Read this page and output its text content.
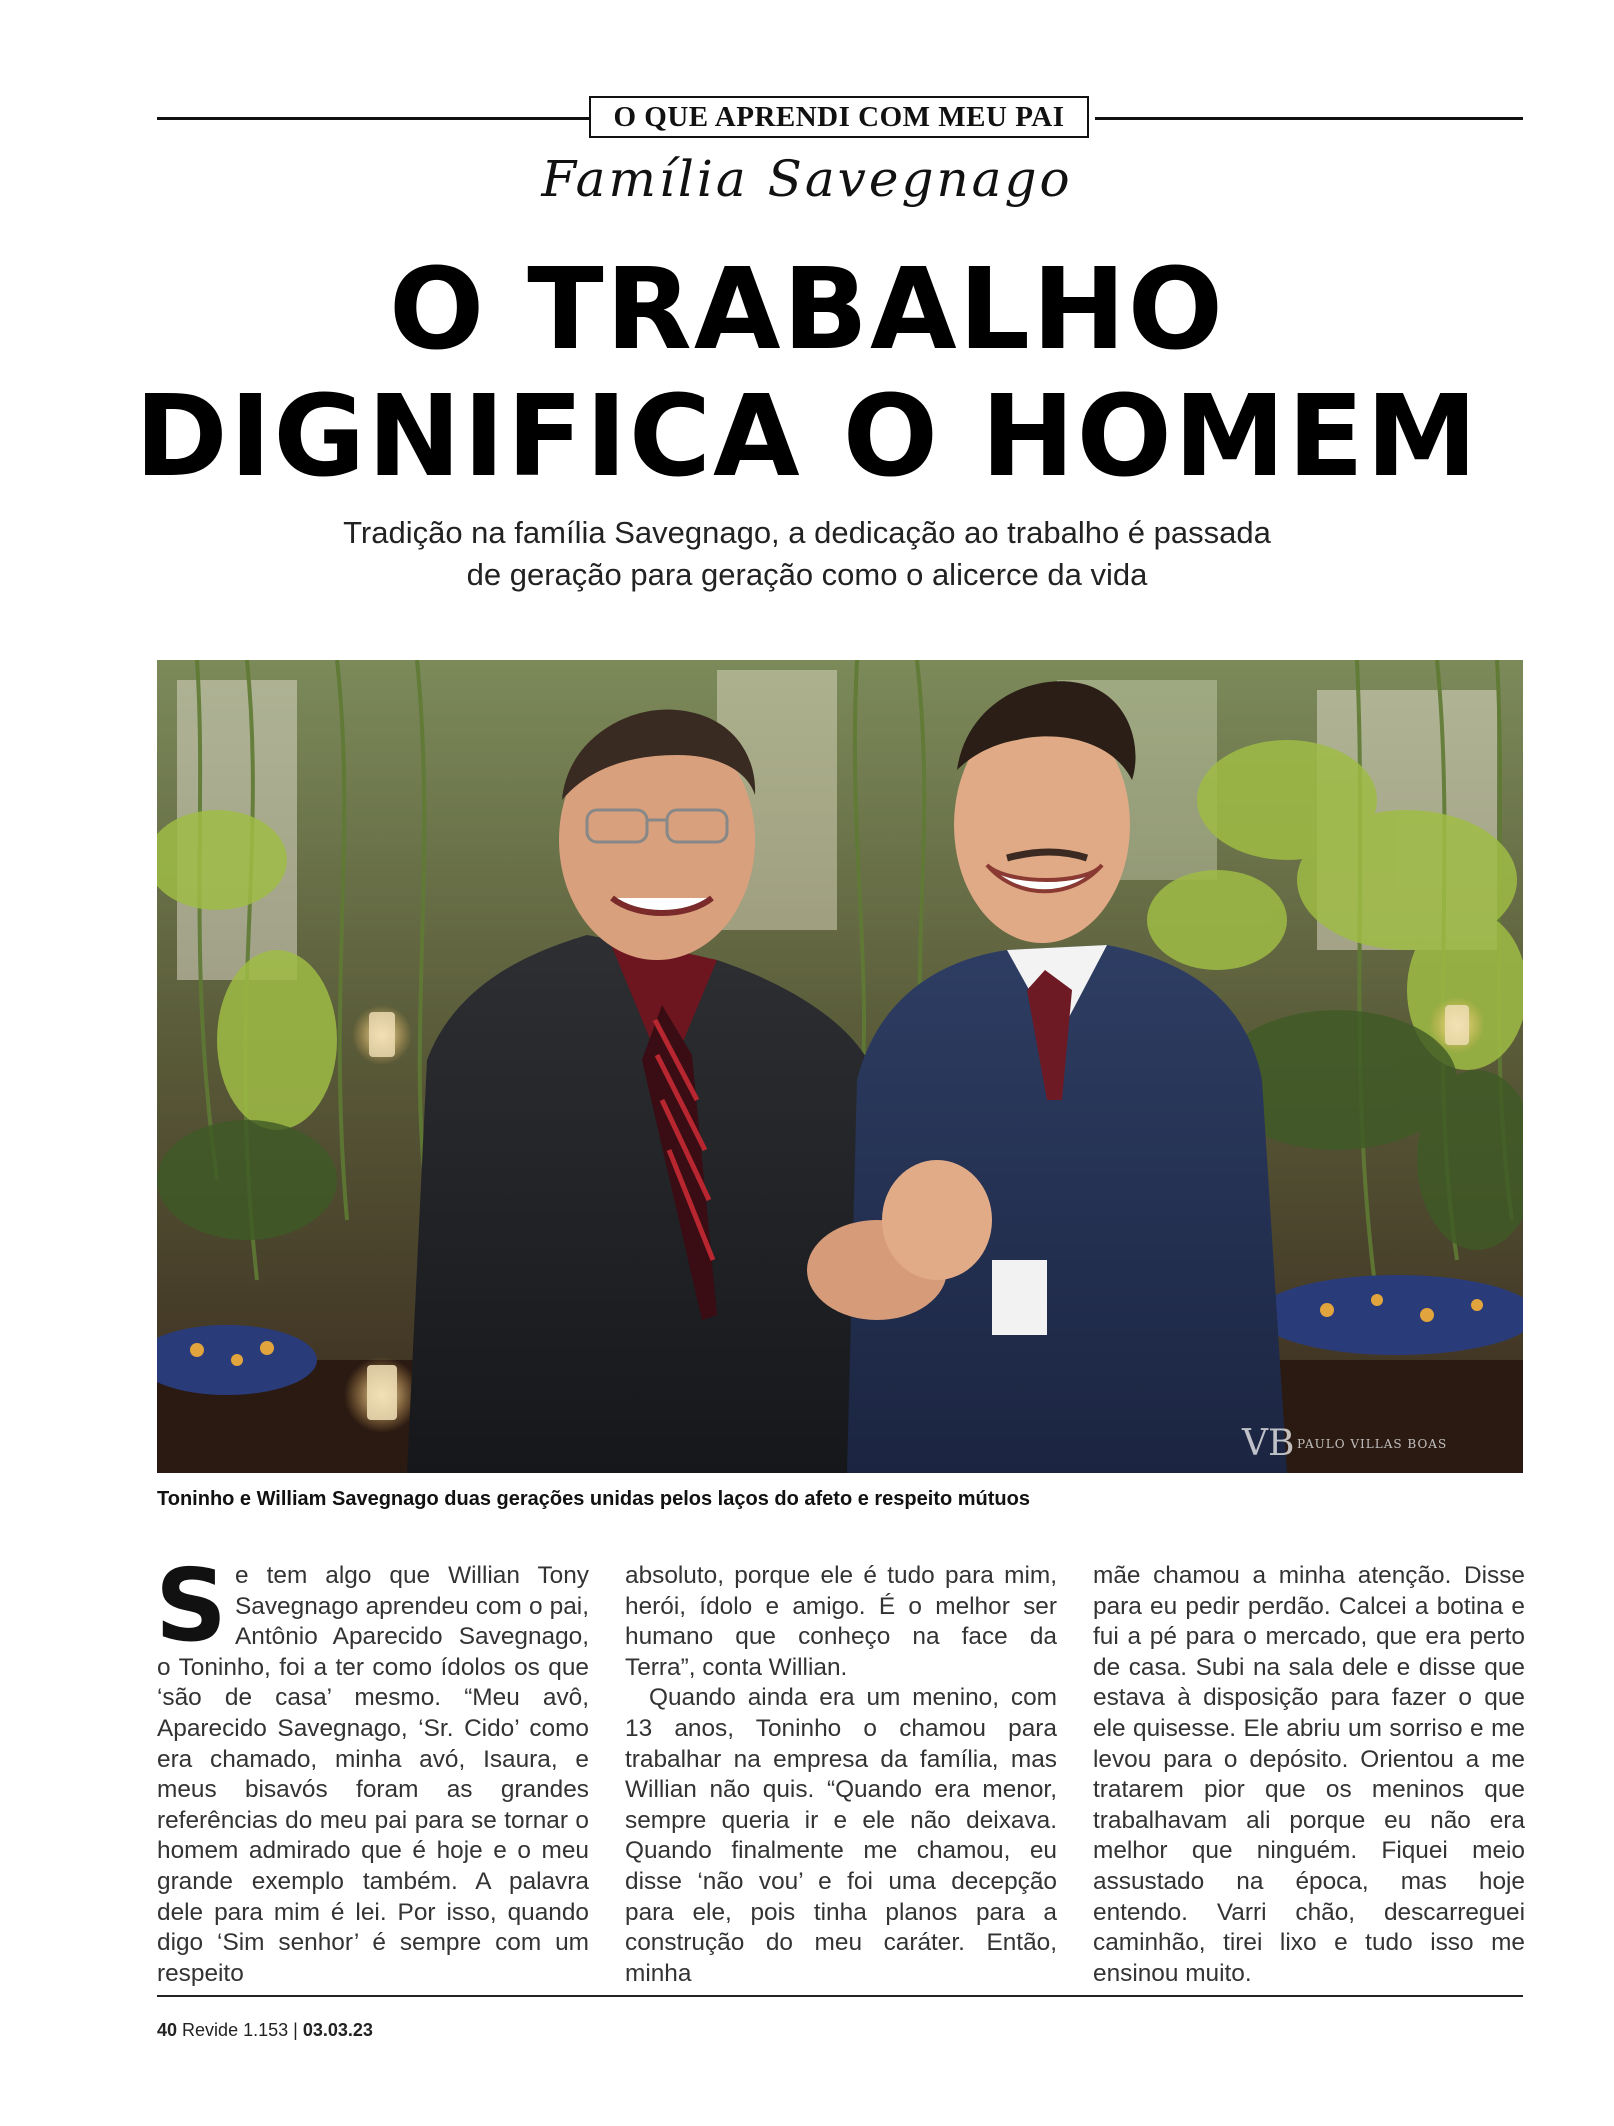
O QUE APRENDI COM MEU PAI
Família Savegnago
O TRABALHO
DIGNIFICA O HOMEM
Tradição na família Savegnago, a dedicação ao trabalho é passada
de geração para geração como o alicerce da vida
VB PAULO VILLAS BOAS
Toninho e William Savegnago duas gerações unidas pelos laços do afeto e respeito mútuos
S e tem algo que Willian Tony Savegnago aprendeu com o pai, Antônio Aparecido Savegnago, o Toninho, foi a ter como ídolos os que ‘são de casa’ mesmo. “Meu avô, Aparecido Savegnago, ‘Sr. Cido’ como era chamado, minha avó, Isaura, e meus bisavós foram as grandes referências do meu pai para se tornar o homem admirado que é hoje e o meu grande exemplo também. A palavra dele para mim é lei. Por isso, quando digo ‘Sim senhor’ é sempre com um respeito

absoluto, porque ele é tudo para mim, herói, ídolo e amigo. É o melhor ser humano que conheço na face da Terra”, conta Willian.

Quando ainda era um menino, com 13 anos, Toninho o chamou para trabalhar na empresa da família, mas Willian não quis. “Quando era menor, sempre queria ir e ele não deixava. Quando finalmente me chamou, eu disse ‘não vou’ e foi uma decepção para ele, pois tinha planos para a construção do meu caráter. Então, minha

mãe chamou a minha atenção. Disse para eu pedir perdão. Calcei a botina e fui a pé para o mercado, que era perto de casa. Subi na sala dele e disse que estava à disposição para fazer o que ele quisesse. Ele abriu um sorriso e me levou para o depósito. Orientou a me tratarem pior que os meninos que trabalhavam ali porque eu não era melhor que ninguém. Fiquei meio assustado na época, mas hoje entendo. Varri chão, descarreguei caminhão, tirei lixo e tudo isso me ensinou muito.

40 Revide 1.153 | 03.03.23
